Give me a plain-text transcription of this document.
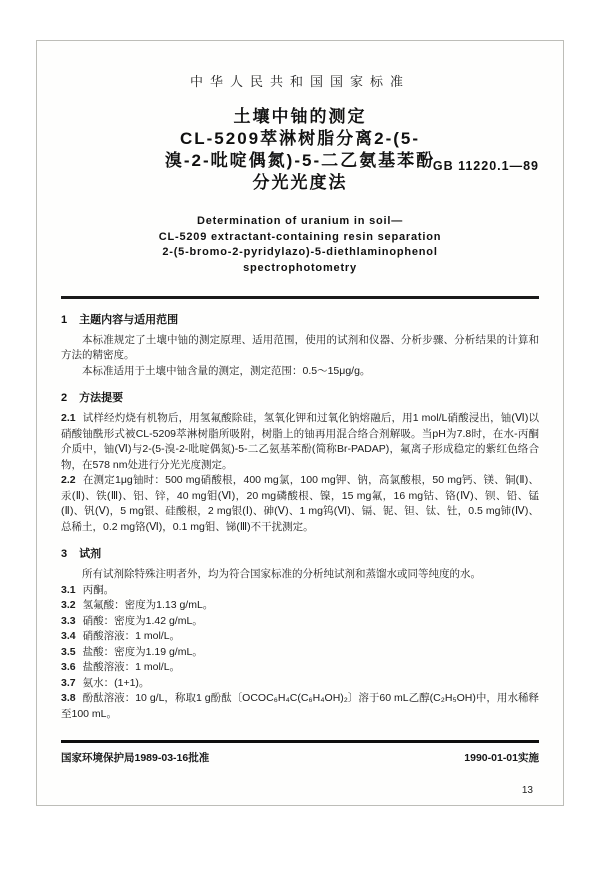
中华人民共和国国家标准
土壤中铀的测定
CL-5209萃淋树脂分离2-(5-
溴-2-吡啶偶氮)-5-二乙氨基苯酚
分光光度法
GB 11220.1—89
Determination of uranium in soil—
CL-5209 extractant-containing resin separation
2-(5-bromo-2-pyridylazo)-5-diethlaminophenol
spectrophotometry
1 主题内容与适用范围

本标准规定了土壤中铀的测定原理、适用范围，使用的试剂和仪器、分析步骤、分析结果的计算和方法的精密度。

本标准适用于土壤中铀含量的测定，测定范围：0.5～15μg/g。

2 方法提要

2.1 试样经灼烧有机物后，用氢氟酸除硅，氢氧化钾和过氧化钠熔融后，用1 mol/L硝酸浸出，铀(Ⅵ)以硝酸铀酰形式被CL-5209萃淋树脂所吸附，树脂上的铀再用混合络合剂解吸。当pH为7.8时，在水-丙酮介质中，铀(Ⅵ)与2-(5-溴-2-吡啶偶氮)-5-二乙氨基苯酚(简称Br-PADAP)，氟离子形成稳定的紫红色络合物，在578 nm处进行分光光度测定。

2.2 在测定1μg铀时：500 mg硝酸根，400 mg氯，100 mg钾、钠，高氯酸根，50 mg钙、镁、铜(Ⅱ)、汞(Ⅱ)、铁(Ⅲ)、铝、锌，40 mg钼(Ⅵ)，20 mg磷酸根、镍，15 mg氟，16 mg钴、铬(Ⅳ)、钡、铅、锰(Ⅱ)、钒(Ⅴ)，5 mg银、硅酸根，2 mg银(Ⅰ)、砷(Ⅴ)、1 mg钨(Ⅵ)、镉、铌、钽、钛、钍，0.5 mg铈(Ⅳ)、总稀土，0.2 mg铬(Ⅵ)，0.1 mg钼、锑(Ⅲ)不干扰测定。

3 试剂

所有试剂除特殊注明者外，均为符合国家标准的分析纯试剂和蒸馏水或同等纯度的水。

3.1 丙酮。

3.2 氢氟酸：密度为1.13 g/mL。

3.3 硝酸：密度为1.42 g/mL。

3.4 硝酸溶液：1 mol/L。

3.5 盐酸：密度为1.19 g/mL。

3.6 盐酸溶液：1 mol/L。

3.7 氨水：(1+1)。

3.8 酚酞溶液：10 g/L，称取1 g酚酞〔OCOC₆H₄C(C₆H₄OH)₂〕溶于60 mL乙醇(C₂H₅OH)中，用水稀释至100 mL。

国家环境保护局1989-03-16批准	1990-01-01实施
13
